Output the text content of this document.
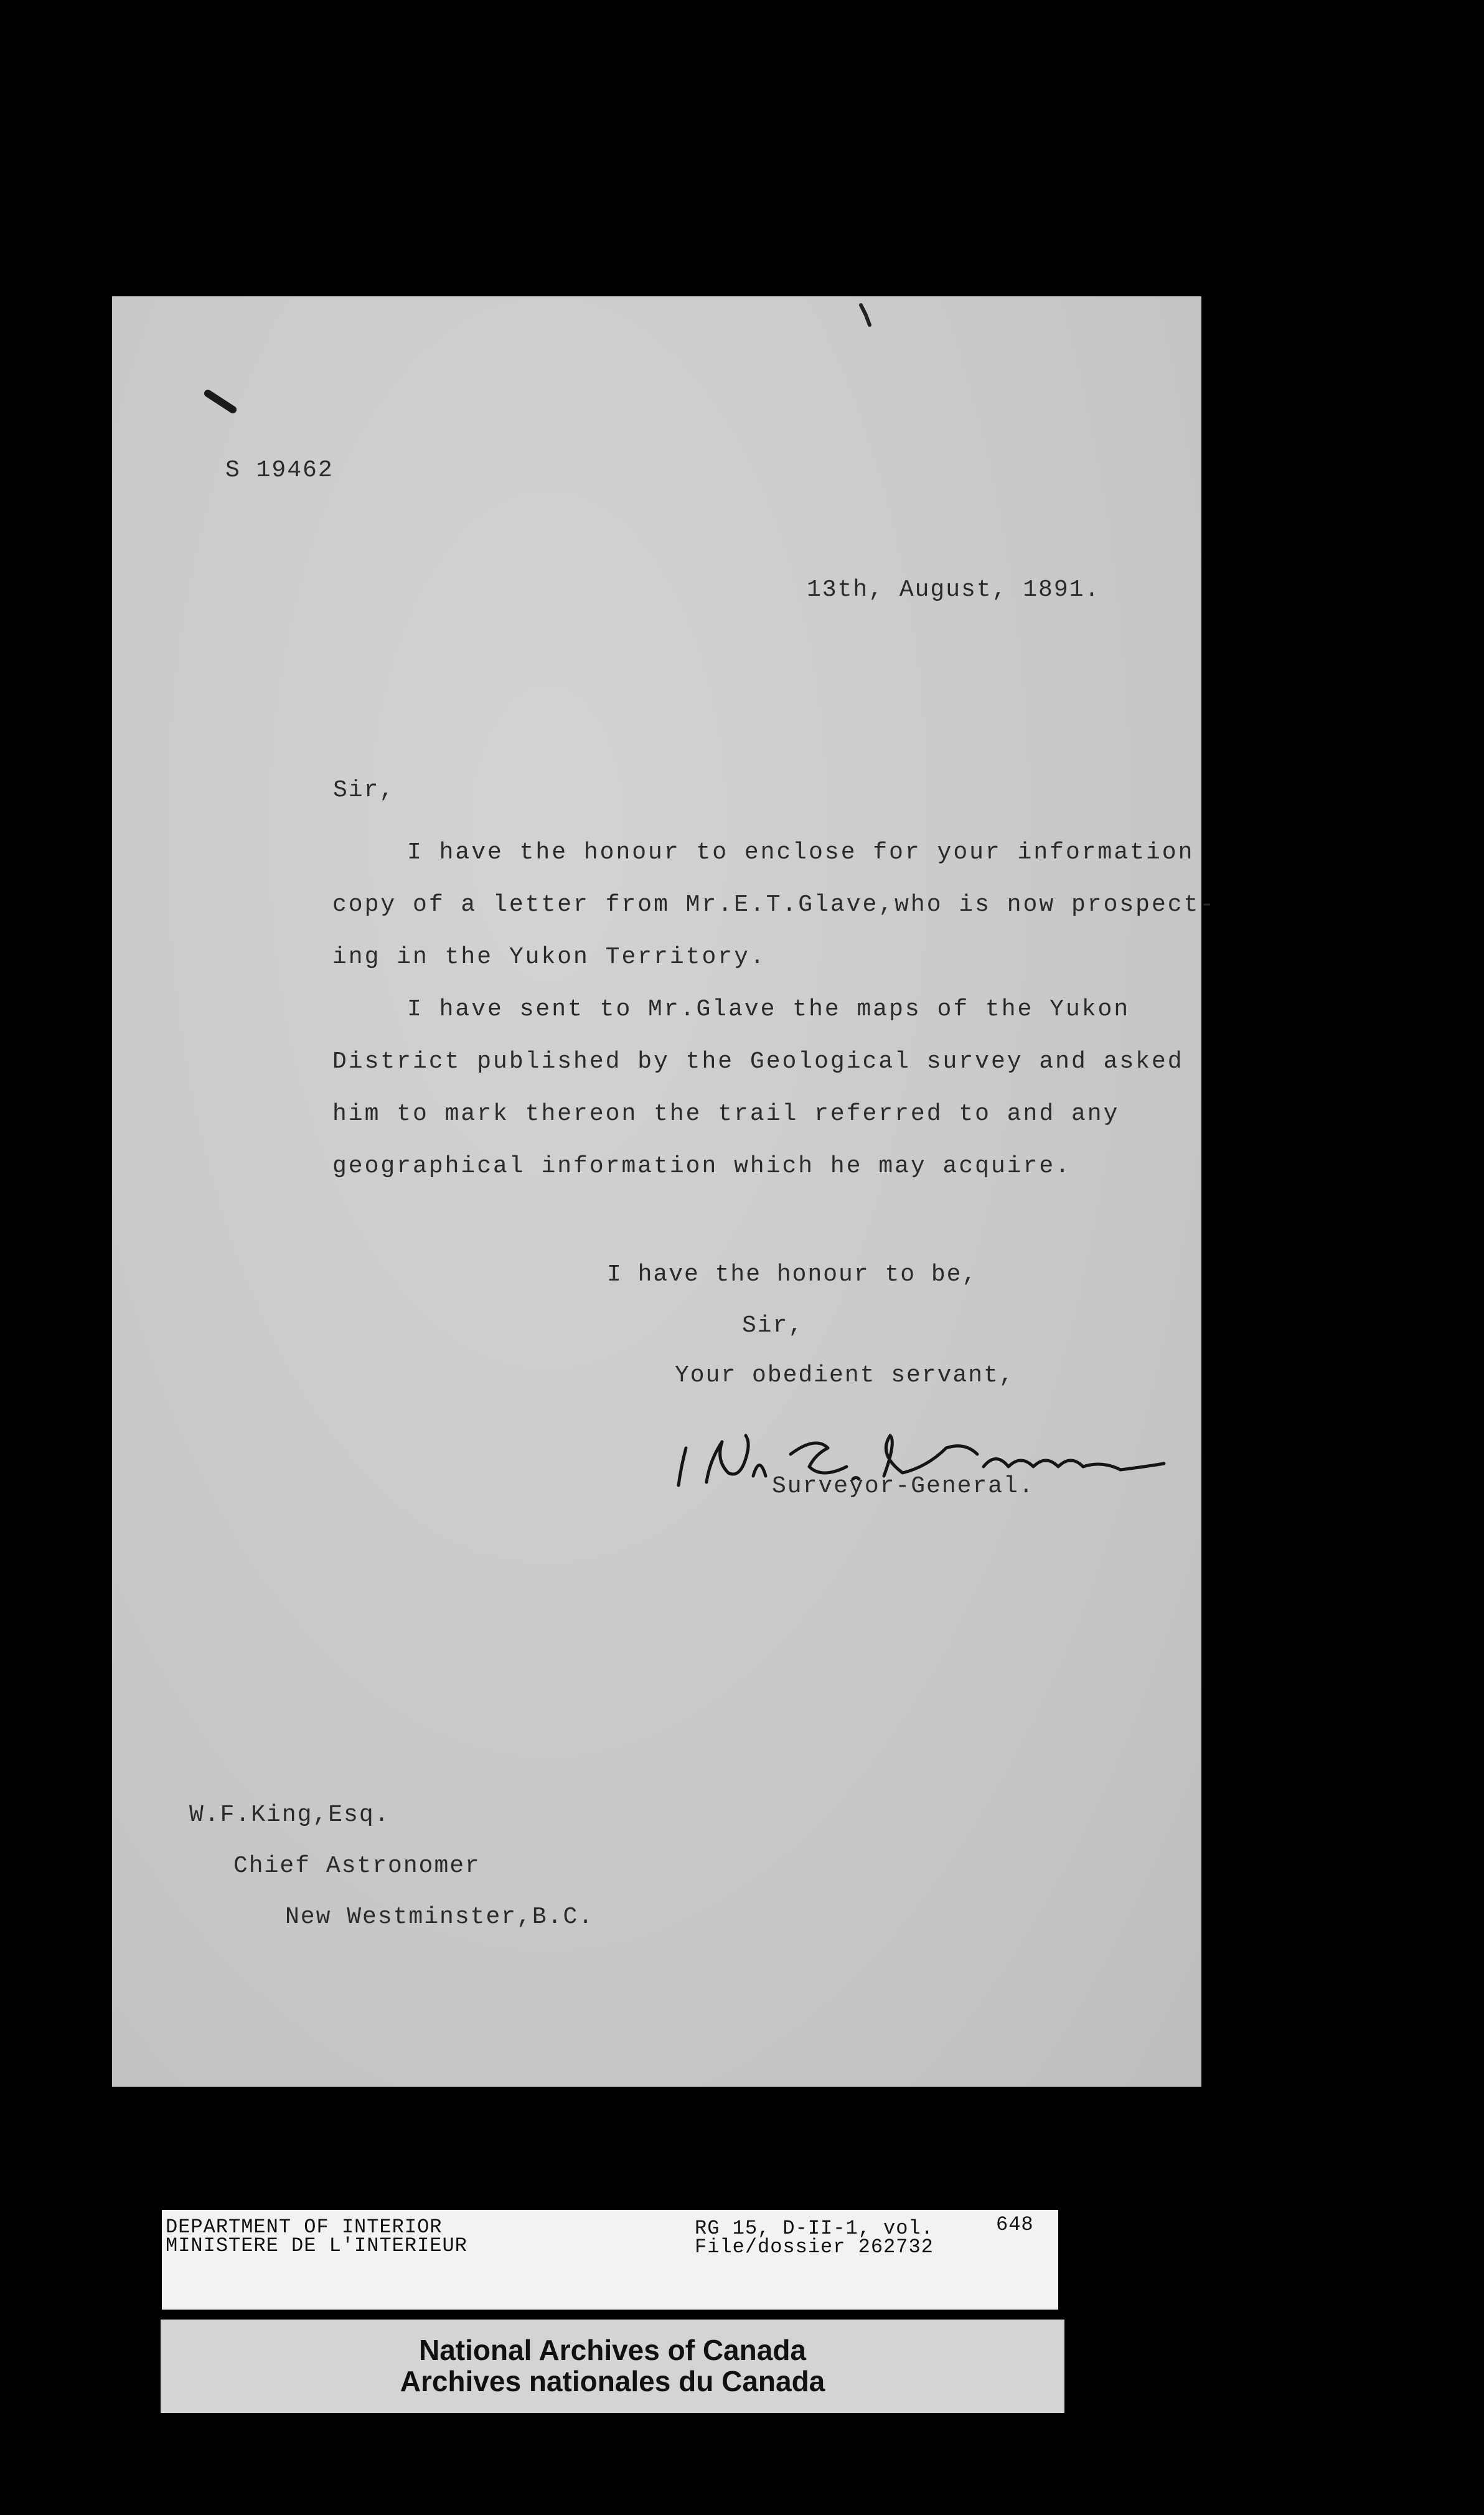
S 19462
13th, August, 1891.
Sir,
I have the honour to enclose for your information
copy of a letter from Mr.E.T.Glave,who is now prospect-
ing in the Yukon Territory.
I have sent to Mr.Glave the maps of the Yukon
District published by the Geological survey and asked
him to mark thereon the trail referred to and any
geographical information which he may acquire.
I have the honour to be,
Sir,
Your obedient servant,
Surveyor-General.
W.F.King,Esq.
Chief Astronomer
New Westminster,B.C.
DEPARTMENT OF INTERIOR
MINISTERE DE L'INTERIEUR
RG 15, D-II-1, vol.	648
File/dossier 262732
National Archives of Canada
Archives nationales du Canada
